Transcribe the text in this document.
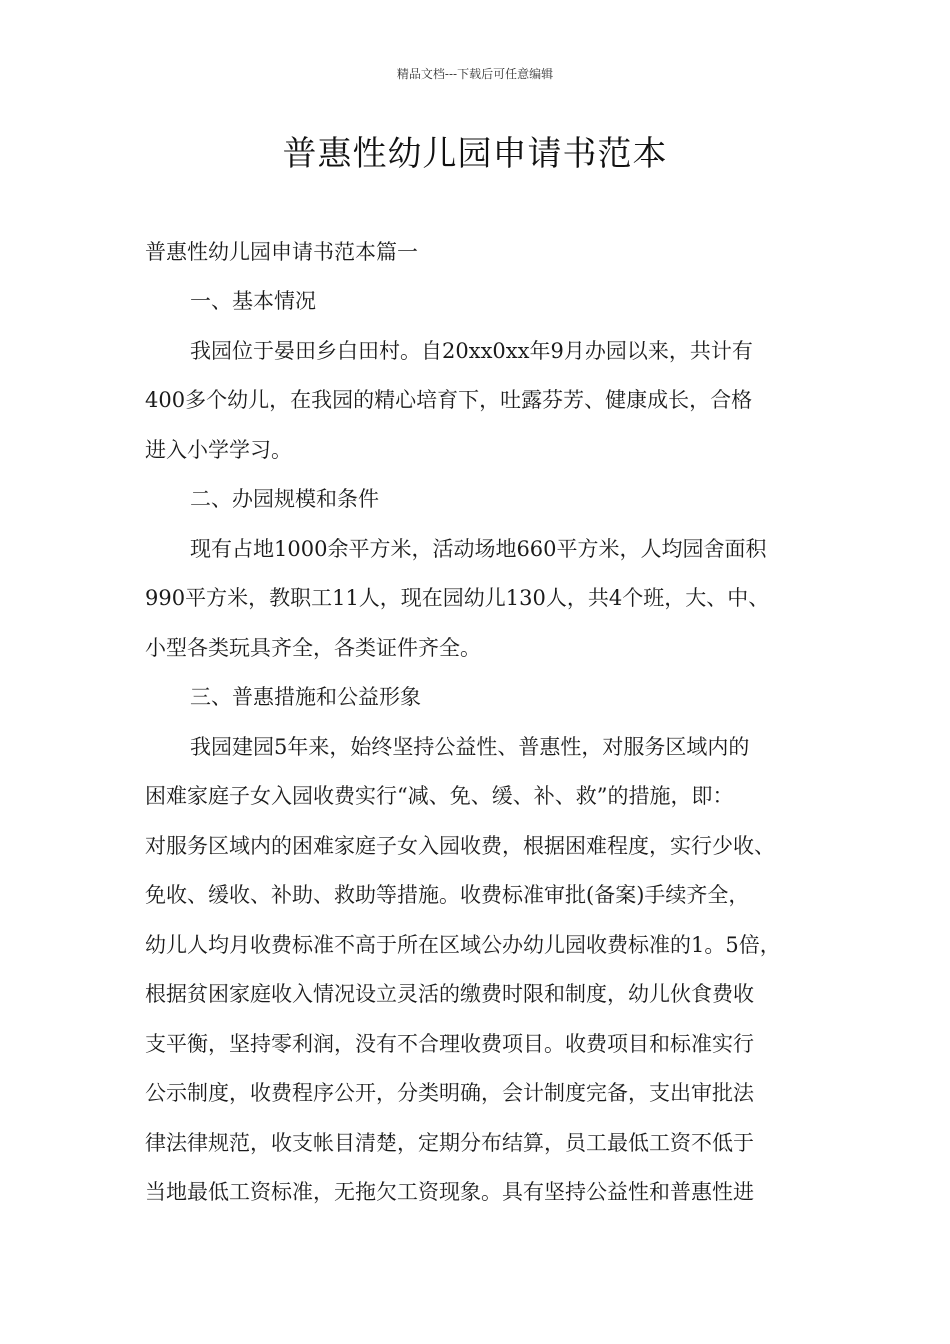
精品文档---下载后可任意编辑
普惠性幼儿园申请书范本
普惠性幼儿园申请书范本篇一
一、基本情况
我园位于晏田乡白田村。自20xx0xx年9月办园以来，共计有
400多个幼儿，在我园的精心培育下，吐露芬芳、健康成长，合格
进入小学学习。
二、办园规模和条件
现有占地1000余平方米，活动场地660平方米，人均园舍面积
990平方米，教职工11人，现在园幼儿130人，共4个班，大、中、
小型各类玩具齐全，各类证件齐全。
三、普惠措施和公益形象
我园建园5年来，始终坚持公益性、普惠性，对服务区域内的
困难家庭子女入园收费实行“减、免、缓、补、救”的措施，即：
对服务区域内的困难家庭子女入园收费，根据困难程度，实行少收、
免收、缓收、补助、救助等措施。收费标准审批(备案)手续齐全，
幼儿人均月收费标准不高于所在区域公办幼儿园收费标准的1。5倍，
根据贫困家庭收入情况设立灵活的缴费时限和制度，幼儿伙食费收
支平衡，坚持零利润，没有不合理收费项目。收费项目和标准实行
公示制度，收费程序公开，分类明确，会计制度完备，支出审批法
律法律规范，收支帐目清楚，定期分布结算，员工最低工资不低于
当地最低工资标准，无拖欠工资现象。具有坚持公益性和普惠性进
